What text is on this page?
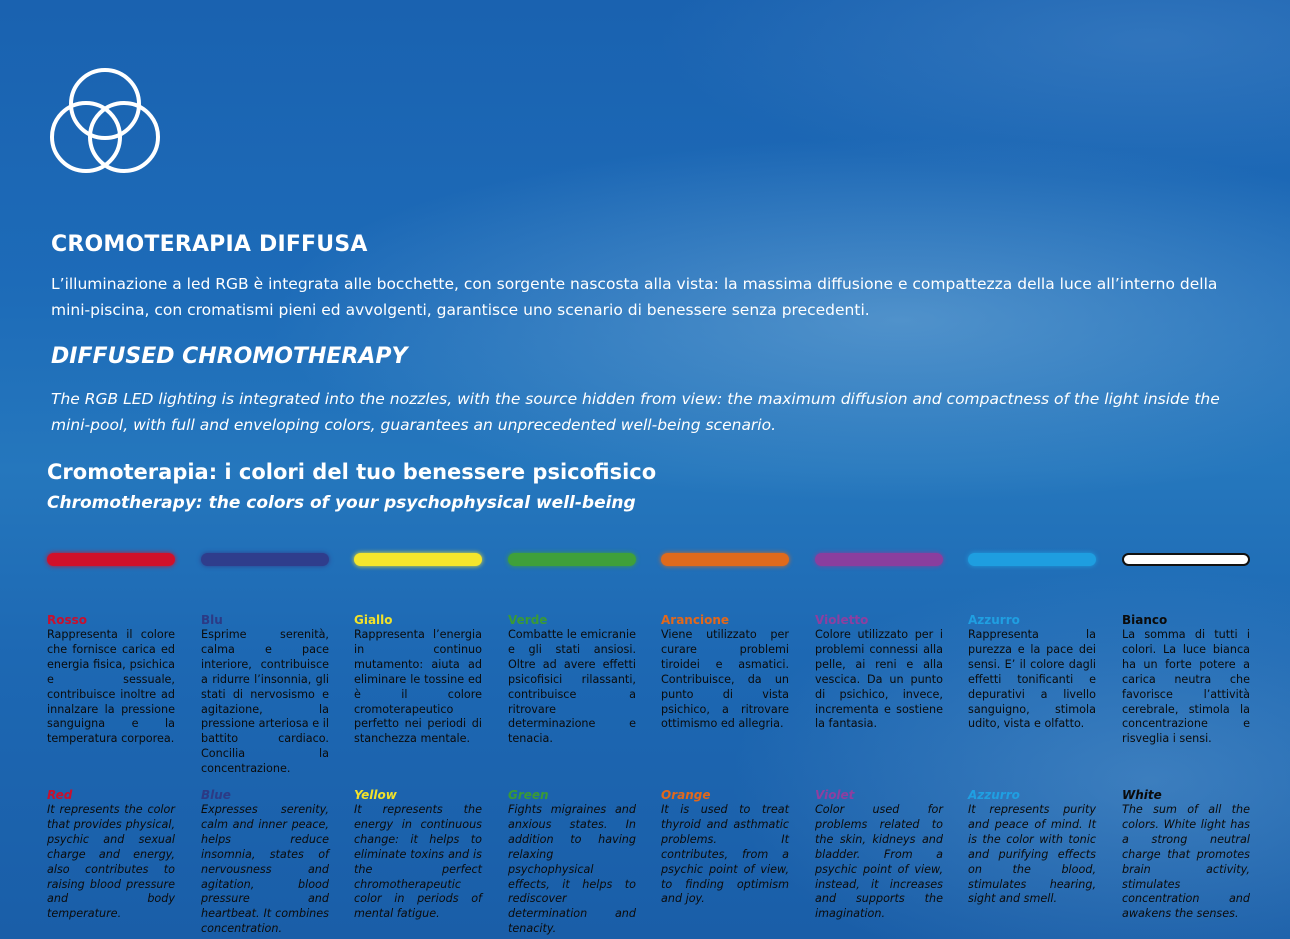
CROMOTERAPIA DIFFUSA

L’illuminazione a led RGB è integrata alle bocchette, con sorgente nascosta alla vista: la massima diffusione e compattezza della luce all’interno della mini-piscina, con cromatismi pieni ed avvolgenti, garantisce uno scenario di benessere senza precedenti.

DIFFUSED CHROMOTHERAPY

The RGB LED lighting is integrated into the nozzles, with the source hidden from view: the maximum diffusion and compactness of the light inside the mini-pool, with full and enveloping colors, guarantees an unprecedented well-being scenario.

Cromoterapia: i colori del tuo benessere psicofisico
Chromotherapy: the colors of your psychophysical well-being
Rosso
Rappresenta il colore che fornisce carica ed energia fisica, psichica e sessuale, contribuisce inoltre ad innalzare la pressione sanguigna e la temperatura corporea.
Red
It represents the color that provides physical, psychic and sexual charge and energy, also contributes to raising blood pressure and body temperature.
Blu
Esprime serenità, calma e pace interiore, contribuisce a ridurre l’insonnia, gli stati di nervosismo e agitazione, la pressione arteriosa e il battito cardiaco. Concilia la concentrazione.
Blue
Expresses serenity, calm and inner peace, helps reduce insomnia, states of nervousness and agitation, blood pressure and heartbeat. It combines concentration.
Giallo
Rappresenta l’energia in continuo mutamento: aiuta ad eliminare le tossine ed è il colore cromoterapeutico perfetto nei periodi di stanchezza mentale.
Yellow
It represents the energy in continuous change: it helps to eliminate toxins and is the perfect chromotherapeutic color in periods of mental fatigue.
Verde
Combatte le emicranie e gli stati ansiosi. Oltre ad avere effetti psicofisici rilassanti, contribuisce a ritrovare determinazione e tenacia.
Green
Fights migraines and anxious states. In addition to having relaxing psychophysical effects, it helps to rediscover determination and tenacity.
Arancione
Viene utilizzato per curare problemi tiroidei e asmatici. Contribuisce, da un punto di vista psichico, a ritrovare ottimismo ed allegria.
Orange
It is used to treat thyroid and asthmatic problems. It contributes, from a psychic point of view, to finding optimism and joy.
Violetto
Colore utilizzato per i problemi connessi alla pelle, ai reni e alla vescica. Da un punto di psichico, invece, incrementa e sostiene la fantasia.
Violet
Color used for problems related to the skin, kidneys and bladder. From a psychic point of view, instead, it increases and supports the imagination.
Azzurro
Rappresenta la purezza e la pace dei sensi. E’ il colore dagli effetti tonificanti e depurativi a livello sanguigno, stimola udito, vista e olfatto.
Azzurro
It represents purity and peace of mind. It is the color with tonic and purifying effects on the blood, stimulates hearing, sight and smell.
Bianco
La somma di tutti i colori. La luce bianca ha un forte potere a carica neutra che favorisce l’attività cerebrale, stimola la concentrazione e risveglia i sensi.
White
The sum of all the colors. White light has a strong neutral charge that promotes brain activity, stimulates concentration and awakens the senses.
